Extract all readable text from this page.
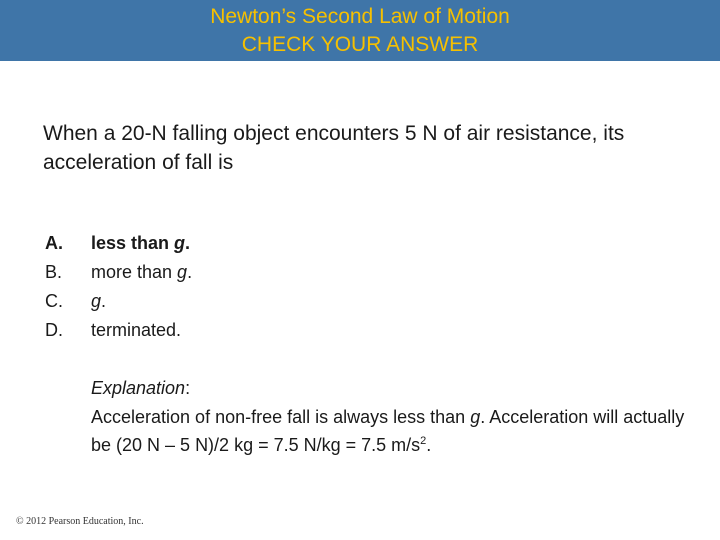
Newton’s Second Law of Motion
CHECK YOUR ANSWER
When a 20-N falling object encounters 5 N of air resistance, its acceleration of fall is
A. less than g.
B. more than g.
C. g.
D. terminated.
Explanation:
Acceleration of non-free fall is always less than g. Acceleration will actually be (20 N – 5 N)/2 kg = 7.5 N/kg = 7.5 $m/s^2$.
© 2012 Pearson Education, Inc.
